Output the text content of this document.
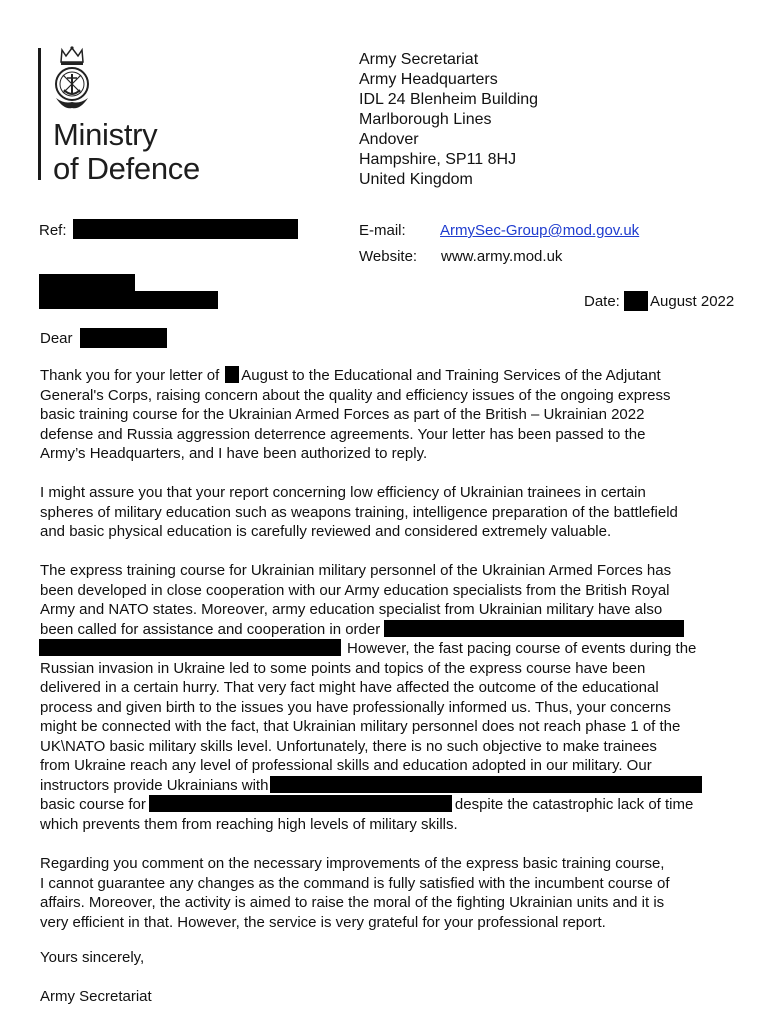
Ministry
of Defence
Army Secretariat
Army Headquarters
IDL 24 Blenheim Building
Marlborough Lines
Andover
Hampshire, SP11 8HJ
United Kingdom
Ref:	E-mail: ArmySec-Group@mod.gov.uk
Website: www.army.mod.uk
Date: August 2022
Dear
Thank you for your letter of August to the Educational and Training Services of the Adjutant
General's Corps, raising concern about the quality and efficiency issues of the ongoing express
basic training course for the Ukrainian Armed Forces as part of the British – Ukrainian 2022
defense and Russia aggression deterrence agreements. Your letter has been passed to the
Army’s Headquarters, and I have been authorized to reply.
I might assure you that your report concerning low efficiency of Ukrainian trainees in certain
spheres of military education such as weapons training, intelligence preparation of the battlefield
and basic physical education is carefully reviewed and considered extremely valuable.
The express training course for Ukrainian military personnel of the Ukrainian Armed Forces has
been developed in close cooperation with our Army education specialists from the British Royal
Army and NATO states. Moreover, army education specialist from Ukrainian military have also
been called for assistance and cooperation in order
However, the fast pacing course of events during the
Russian invasion in Ukraine led to some points and topics of the express course have been
delivered in a certain hurry. That very fact might have affected the outcome of the educational
process and given birth to the issues you have professionally informed us. Thus, your concerns
might be connected with the fact, that Ukrainian military personnel does not reach phase 1 of the
UK\NATO basic military skills level. Unfortunately, there is no such objective to make trainees
from Ukraine reach any level of professional skills and education adopted in our military. Our
instructors provide Ukrainians with
basic course for	despite the catastrophic lack of time
which prevents them from reaching high levels of military skills.
Regarding you comment on the necessary improvements of the express basic training course,
I cannot guarantee any changes as the command is fully satisfied with the incumbent course of
affairs. Moreover, the activity is aimed to raise the moral of the fighting Ukrainian units and it is
very efficient in that. However, the service is very grateful for your professional report.
Yours sincerely,
Army Secretariat
